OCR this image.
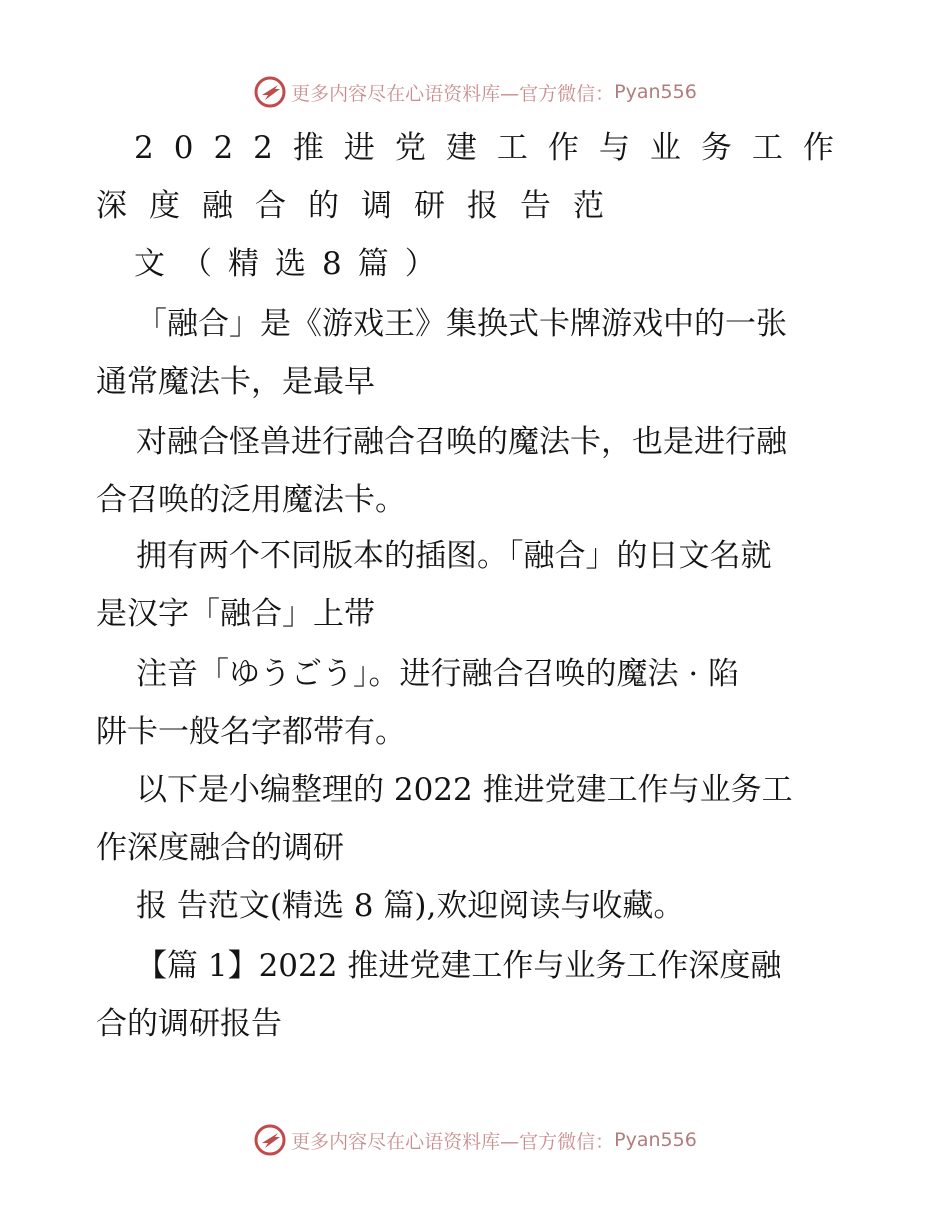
更多内容尽在心语资料库—官方微信： Pyan556
2022推进党建工作与业务工作
深度融合的调研报告范
文（精选8篇）
「融合」是《游戏王》集换式卡牌游戏中的一张
通常魔法卡，是最早
对融合怪兽进行融合召唤的魔法卡，也是进行融
合召唤的泛用魔法卡。
拥有两个不同版本的插图。「融合」的日文名就
是汉字「融合」上带
注音「ゆうごう」。进行融合召唤的魔法 · 陷
阱卡一般名字都带有。
以下是小编整理的 2022 推进党建工作与业务工
作深度融合的调研
报 告范文(精选 8 篇),欢迎阅读与收藏。
【篇 1】2022 推进党建工作与业务工作深度融
合的调研报告
更多内容尽在心语资料库—官方微信： Pyan556
